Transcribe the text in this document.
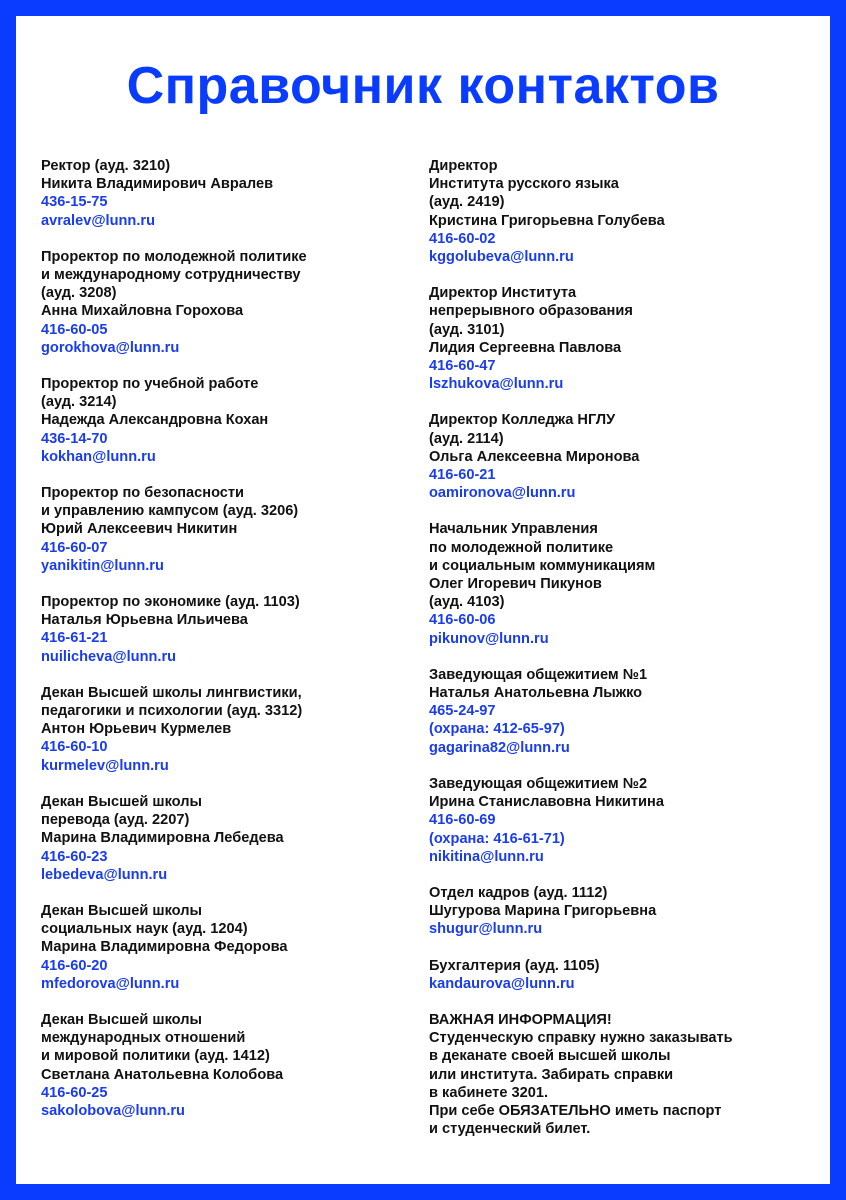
Справочник контактов
Ректор (ауд. 3210)
Никита Владимирович Авралев
436-15-75
avralev@lunn.ru
Проректор по молодежной политике
и международному сотрудничеству
(ауд. 3208)
Анна Михайловна Горохова
416-60-05
gorokhova@lunn.ru
Проректор по учебной работе
(ауд. 3214)
Надежда Александровна Кохан
436-14-70
kokhan@lunn.ru
Проректор по безопасности
и управлению кампусом (ауд. 3206)
Юрий Алексеевич Никитин
416-60-07
yanikitin@lunn.ru
Проректор по экономике (ауд. 1103)
Наталья Юрьевна Ильичева
416-61-21
nuilicheva@lunn.ru
Декан Высшей школы лингвистики,
педагогики и психологии (ауд. 3312)
Антон Юрьевич Курмелев
416-60-10
kurmelev@lunn.ru
Декан Высшей школы
перевода (ауд. 2207)
Марина Владимировна Лебедева
416-60-23
lebedeva@lunn.ru
Декан Высшей школы
социальных наук (ауд. 1204)
Марина Владимировна Федорова
416-60-20
mfedorova@lunn.ru
Декан Высшей школы
международных отношений
и мировой политики (ауд. 1412)
Светлана Анатольевна Колобова
416-60-25
sakolobova@lunn.ru
Директор
Института русского языка
(ауд. 2419)
Кристина Григорьевна Голубева
416-60-02
kggolubeva@lunn.ru
Директор Института
непрерывного образования
(ауд. 3101)
Лидия Сергеевна Павлова
416-60-47
lszhukova@lunn.ru
Директор Колледжа НГЛУ
(ауд. 2114)
Ольга Алексеевна Миронова
416-60-21
oamironova@lunn.ru
Начальник Управления
по молодежной политике
и социальным коммуникациям
Олег Игоревич Пикунов
(ауд. 4103)
416-60-06
pikunov@lunn.ru
Заведующая общежитием №1
Наталья Анатольевна Лыжко
465-24-97
(охрана: 412-65-97)
gagarina82@lunn.ru
Заведующая общежитием №2
Ирина Станиславовна Никитина
416-60-69
(охрана: 416-61-71)
nikitina@lunn.ru
Отдел кадров (ауд. 1112)
Шугурова Марина Григорьевна
shugur@lunn.ru
Бухгалтерия (ауд. 1105)
kandaurova@lunn.ru
ВАЖНАЯ ИНФОРМАЦИЯ!
Студенческую справку нужно заказывать
в деканате своей высшей школы
или института. Забирать справки
в кабинете 3201.
При себе ОБЯЗАТЕЛЬНО иметь паспорт
и студенческий билет.
